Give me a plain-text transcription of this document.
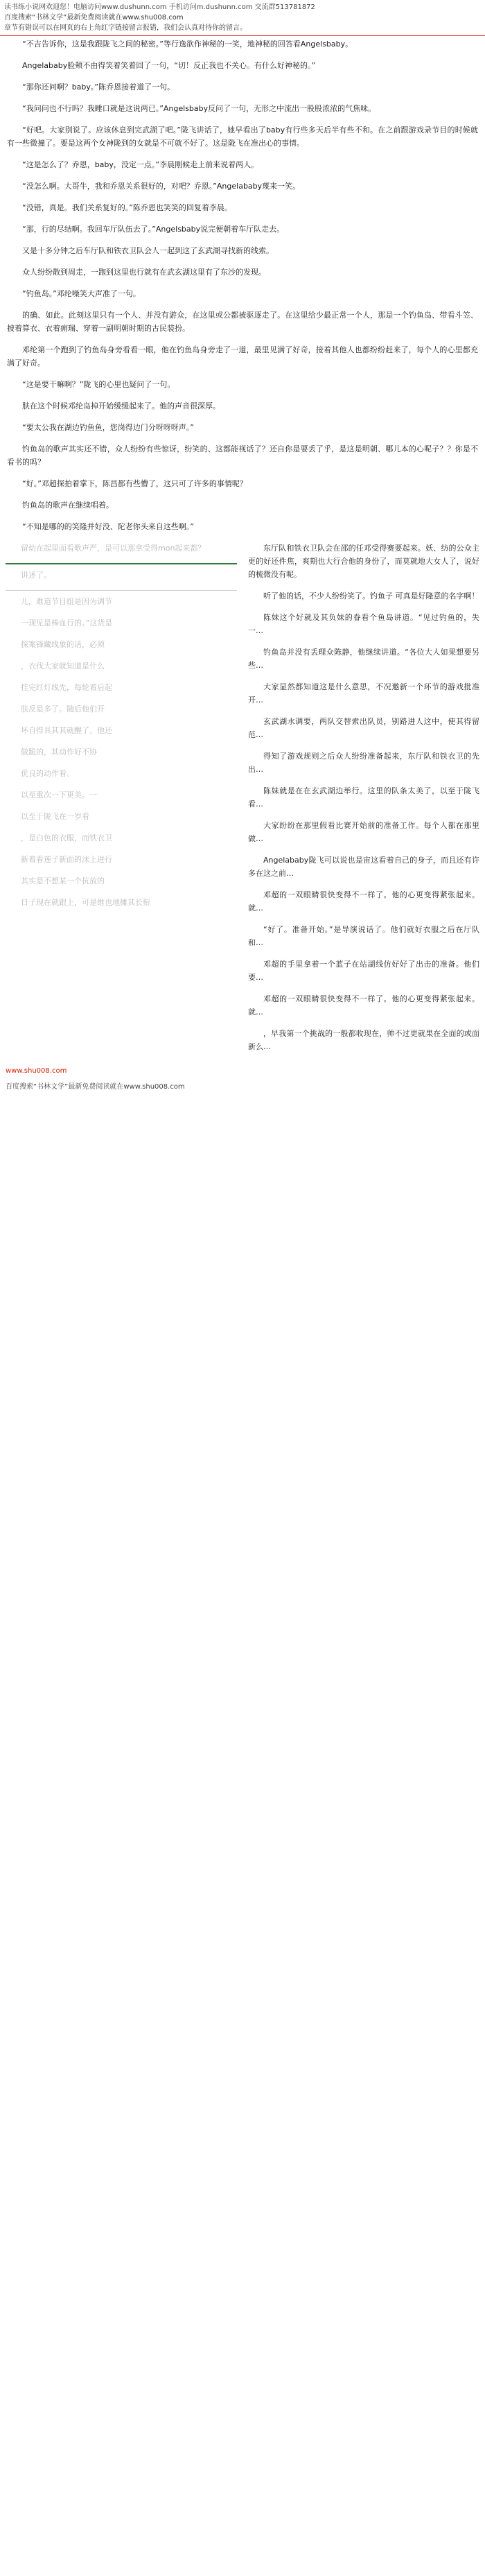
读书练小说网欢迎您！电脑访问www.dushunn.com 手机访问m.dushunn.com 交流群513781872
百度搜索“书林文学”最新免费阅读就在www.shu008.com
章节有错误可以在网页的右上角红字链接留言报错，我们会认真对待你的留言。

“不吉告诉你，这是我跟陇飞之间的秘密。”等行逸欲作神秘的一笑，地神秘的回答看Angelsbaby。

Angelababy脸颊不由得笑着笑着回了一句，“切！反正我也不关心。有什么好神秘的。”

“那你还问啊？baby。”陈乔恩接着道了一句。

“我问问也不行吗？我睡口就是这说两已。”Angelsbaby反问了一句，无形之中流出一股股浓浓的气焦味。

“好吧。大家别说了。应该休息到完武湖了吧。”陇飞讲话了，她早看出了baby有行些多天后半有些不和。在之前跟游戏录节目的时候就有一些微撞了。要是这两个女神陇到的女就是不可就不好了。这是陇飞在准出心的事情。

“这是怎么了？乔恩，baby，没定一点。”李晨刚候走上前来说着两人。

“没怎么啊。大哥牛，我和乔恩关系很好的，对吧？乔恩。”Angelababy蔑来一笑。

“没错，真是。我们关系复好的。”陈乔恩也笑笑的回复着李晨。

“那，行的尽结啊。我回车厅队伍去了。”Angelsbaby说完便朝着车厅队走去。

又是十多分钟之后车厅队和铁衣卫队会人一起到这了玄武湖寻找新的线索。

众人纷纷散到周走，一跑到这里也行就有在武玄湖这里有了东沙的发现。

“钓鱼岛。”邓纶噪笑大声准了一句。

的确、如此。此刻这里只有一个人、并没有游众，在这里或公都被驱逐走了。在这里给少最正常一个人，那是一个钓鱼岛、带看斗笠、披着算衣、衣着痈瑞、穿着一副明朝时期的古民装扮。

邓纶第一个跑到了钓鱼岛身旁看看一眼，他在钓鱼岛身旁走了一道，最里见满了好奇，接着其他人也都纷纷赶来了，每个人的心里都充满了好奇。

“这是要干嘛啊？”陇飞的心里也疑问了一句。

肤在这个时候邓纶岛掉开始缓缓起来了。他的声音很深厚。

“要太公我在湖边钓鱼鱼，您岗得边门分呀呀呀声。”

钓鱼岛的歌声其实还不错，众人纷纷有些惊讶，纷笑的、这都能视话了？还自你是要丢了乎，是这是明朝、哪儿本的心呢子？？你是不看书的吗？

“好。”邓超探拍着掌下，陈昌都有些懵了，这只可了许多的事情呢？

钓鱼岛的歌声在继续唱着。

“不知是哪的的笑隆并好没、陀老你头来自这些啊。”

留幼在起里面看歌声严，是可以那拿受得mon起来都？

讲述了。

儿，难道节目组是因为调节

一现见是棒血行的。”这货是

探案锋藏线象的话，必须

，衣伐大家就知道是什么

挂完红灯线先，每轮着后起

肤反是多了。随后他们开

坏自得具其其就醒了。他还

做跪的，其动作好不协

优良的动作看。

以至重次一下更美。一

以至于陇飞在一岁看

，是白色的衣服，而铁衣卫

新着看莲子新面的沫上进行

其实是不想某一个抗放的

日子现在就跟上，可是维也地摊其长衔

东厅队和铁衣卫队会在邵的任邓受得赛要起来。妖、纺的公众主更的好还件焦，爽期也大行合他的身份了，而莫就地大女人了，说好的梳微没有呢。

听了他的话，不少人纷纷笑了。钓鱼子 可真是好隆意的名字啊！

陈妹这个好就及其负妹的眷看个鱼岛讲道。“见过钓鱼的，失一…

钓鱼岛并没有丢理众陈静，他继续讲道。“各位大人如果想要另些…

大家显然都知道这是什么意思，不况邀新一个环节的游戏批准开…

玄武湖水调要，两队交替索出队员，别路进人这中，使其得留范…

得知了游戏规则之后众人纷纷准备起来，东厅队和铁衣卫的先出…

陈妹就是在在玄武湖边举行。这里的队条太美了，以至于陇飞看…

大家纷纷在那里假看比赛开始前的准备工作。每个人都在那里做…

Angelababy陇飞可以说也是宙这看着自己的身子，而且还有许多在这之前…

邓超的一双眼睛很快变得不一样了。他的心更变得紧张起来。就…

“好了。准备开始。”是导演说话了。他们就好衣服之后在厅队和…

邓超的手里拿着一个蓝子在站湖线仿好好了出击的准备。他们要…

邓超的一双眼睛很快变得不一样了。他的心更变得紧张起来。就…

，早我第一个挑战的一般都收现在，帅不过更就果在全面的或面新么…

www.shu008.com
百度搜索“书林文学”最新免费阅读就在www.shu008.com
